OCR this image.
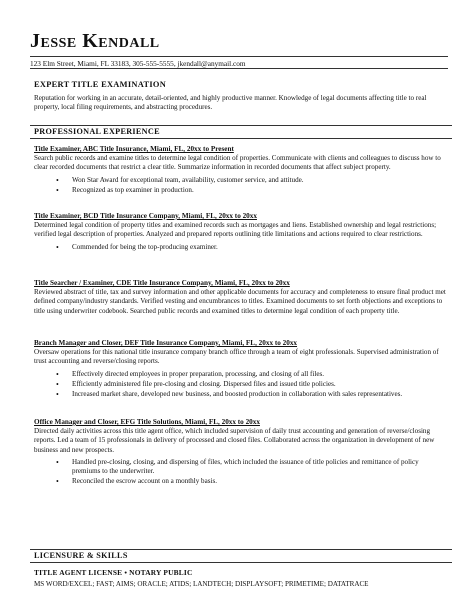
Jesse Kendall
123 Elm Street, Miami, FL 33183, 305-555-5555, jkendall@anymail.com
EXPERT TITLE EXAMINATION
Reputation for working in an accurate, detail-oriented, and highly productive manner. Knowledge of legal documents affecting title to real property, local filing requirements, and abstracting procedures.
PROFESSIONAL EXPERIENCE
Title Examiner, ABC Title Insurance, Miami, FL, 20xx to Present

Search public records and examine titles to determine legal condition of properties. Communicate with clients and colleagues to discuss how to clear recorded documents that restrict a clear title. Summarize information in recorded documents that affect subject property.

• Won Star Award for exceptional team, availability, customer service, and attitude.
• Recognized as top examiner in production.
Title Examiner, BCD Title Insurance Company, Miami, FL, 20xx to 20xx

Determined legal condition of property titles and examined records such as mortgages and liens. Established ownership and legal restrictions; verified legal description of properties. Analyzed and prepared reports outlining title limitations and actions required to clear restrictions.

• Commended for being the top-producing examiner.
Title Searcher / Examiner, CDE Title Insurance Company, Miami, FL, 20xx to 20xx

Reviewed abstract of title, tax and survey information and other applicable documents for accuracy and completeness to ensure final product met defined company/industry standards. Verified vesting and encumbrances to titles. Examined documents to set forth objections and exceptions to title using underwriter codebook. Searched public records and examined titles to determine legal condition of each property title.

Branch Manager and Closer, DEF Title Insurance Company, Miami, FL, 20xx to 20xx

Oversaw operations for this national title insurance company branch office through a team of eight professionals. Supervised administration of trust accounting and reverse/closing reports.

• Effectively directed employees in proper preparation, processing, and closing of all files.
• Efficiently administered file pre-closing and closing. Dispersed files and issued title policies.
• Increased market share, developed new business, and boosted production in collaboration with sales representatives.
Office Manager and Closer, EFG Title Solutions, Miami, FL, 20xx to 20xx

Directed daily activities across this title agent office, which included supervision of daily trust accounting and generation of reverse/closing reports. Led a team of 15 professionals in delivery of processed and closed files. Collaborated across the organization in development of new business and new prospects.

• Handled pre-closing, closing, and dispersing of files, which included the issuance of title policies and remittance of policy premiums to the underwriter.
• Reconciled the escrow account on a monthly basis.
LICENSURE & SKILLS
TITLE AGENT LICENSE • NOTARY PUBLIC
MS WORD/EXCEL; FAST; AIMS; ORACLE; ATIDS; LANDTECH; DISPLAYSOFT; PRIMETIME; DATATRACE
